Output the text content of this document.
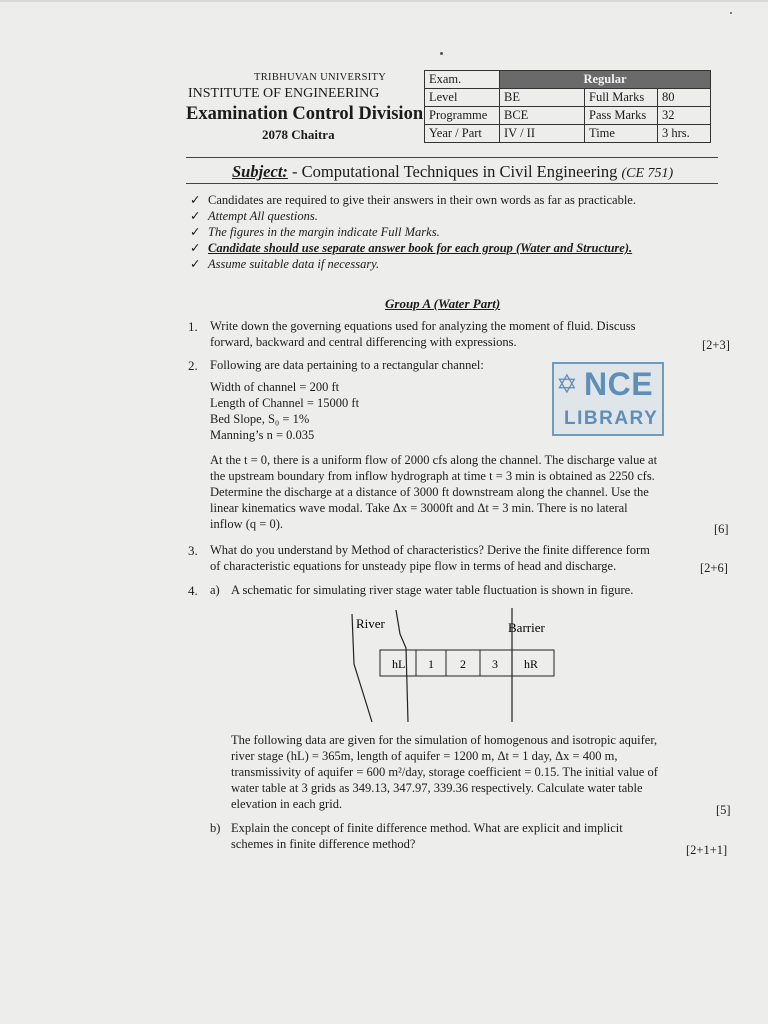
TRIBHUVAN UNIVERSITY
INSTITUTE OF ENGINEERING
Examination Control Division
2078 Chaitra
Exam.	Regular		
Level	BE	Full Marks	80
Programme	BCE	Pass Marks	32
Year / Part	IV / II	Time	3 hrs.
Subject: - Computational Techniques in Civil Engineering (CE 751)
✓ Candidates are required to give their answers in their own words as far as practicable.
✓ Attempt All questions.
✓ The figures in the margin indicate Full Marks.
✓ Candidate should use separate answer book for each group (Water and Structure).
✓ Assume suitable data if necessary.
Group A (Water Part)
1. Write down the governing equations used for analyzing the moment of fluid. Discuss
forward, backward and central differencing with expressions.	[2+3]
2. Following are data pertaining to a rectangular channel:
Width of channel = 200 ft
Length of Channel = 15000 ft
Bed Slope, S₀ = 1%
Manning’s n = 0.035
✡ NCE
LIBRARY
At the t = 0, there is a uniform flow of 2000 cfs along the channel. The discharge value at
the upstream boundary from inflow hydrograph at time t = 3 min is obtained as 2250 cfs.
Determine the discharge at a distance of 3000 ft downstream along the channel. Use the
linear kinematics wave modal. Take Δx = 3000ft and Δt = 3 min. There is no lateral
inflow (q = 0).	[6]
3. What do you understand by Method of characteristics? Derive the finite difference form
of characteristic equations for unsteady pipe flow in terms of head and discharge.	[2+6]
4. a) A schematic for simulating river stage water table fluctuation is shown in figure.
River	Barrier
hL 1 2 3 hR
The following data are given for the simulation of homogenous and isotropic aquifer,
river stage (hL) = 365m, length of aquifer = 1200 m, Δt = 1 day, Δx = 400 m,
transmissivity of aquifer = 600 m²/day, storage coefficient = 0.15. The initial value of
water table at 3 grids as 349.13, 347.97, 339.36 respectively. Calculate water table
elevation in each grid.	[5]
b) Explain the concept of finite difference method. What are explicit and implicit
schemes in finite difference method?	[2+1+1]
